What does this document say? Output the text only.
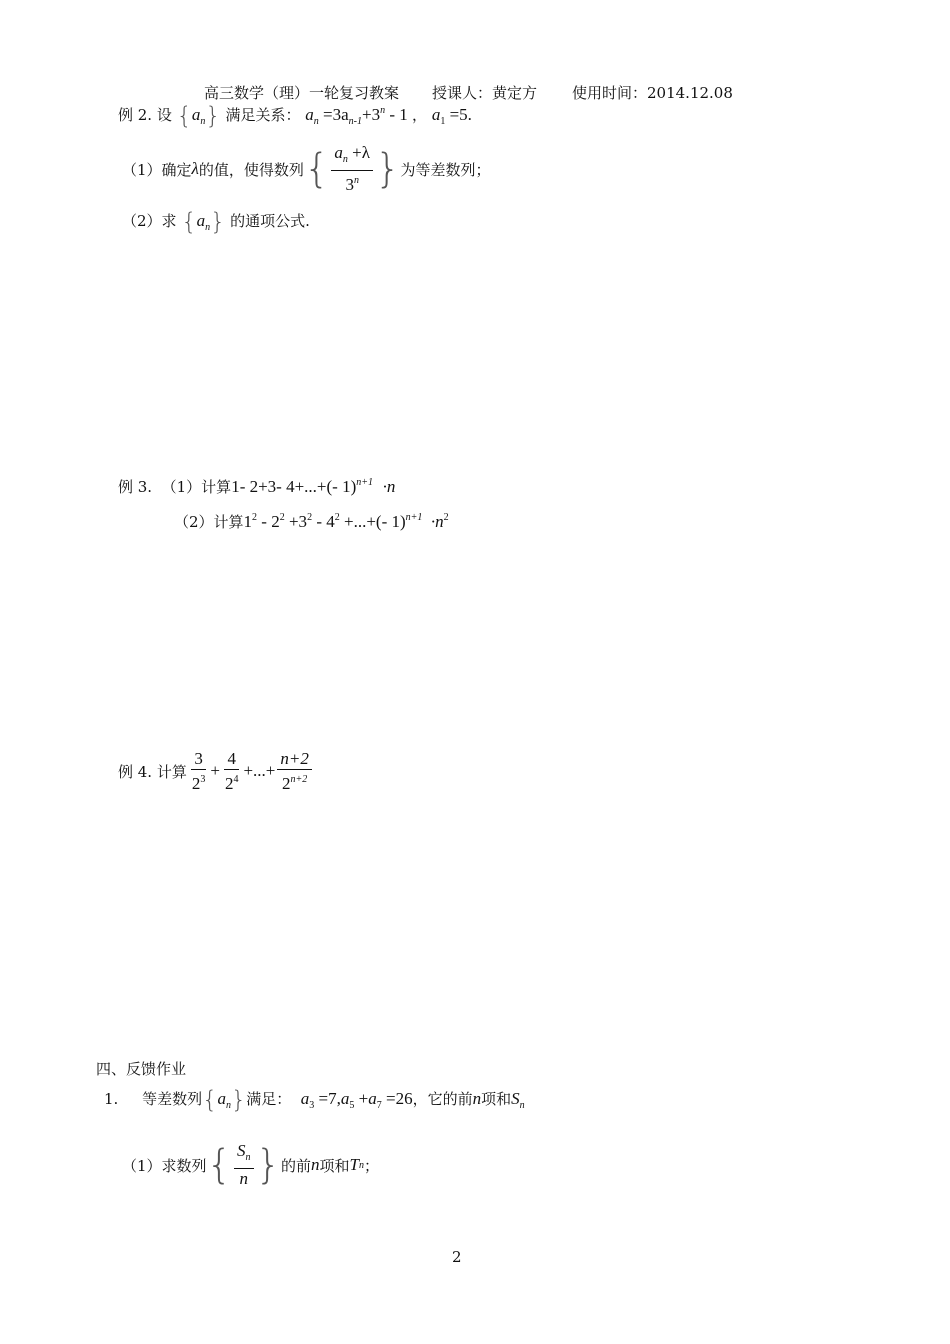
高三数学（理）一轮复习教案 授课人：黄定方 使用时间：2014.12.08
例 2. 设 $\{a_n\}$ 满足关系： $a_n =3a_{n-1}+3^n - 1$ ， $a_1 =5$.
（1）确定 λ 的值，使得数列 { $\frac{a_n +\lambda}{3^n}$ } 为等差数列；
（2）求 $\{a_n\}$ 的通项公式.
例 3. （1）计算1- 2+3- 4+...+(- 1)$^{n+1}$ ·n
（2）计算$1^2 - 2^2 +3^2 - 4^2$ +...+(- $1)^{n+1} \cdot n^2$
例 4. 计算 $\frac{3}{2^3} + \frac{4}{2^4}$ +...+ $\frac{n+2}{2^{n+2}}$
四、反馈作业
1. 等差数列$\{a_n\}$满足： $a_3 =7,a_5 +a_7 =26$，它的前n项和$S_n$
（1）求数列 { $\frac{S_n}{n}$ } 的前 n 项和 T n ；
2
